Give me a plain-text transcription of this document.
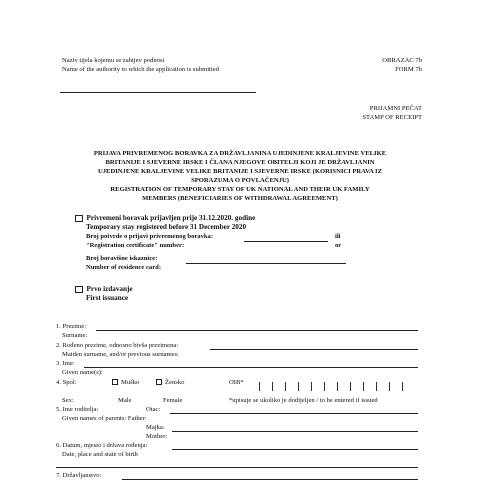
Naziv tijela kojemu se zahtjev podnosi
Name of the authority to which the application is submitted
OBRAZAC 7b
FORM 7b
PRIJAMNI PEČAT
STAMP OF RECEIPT
PRIJAVA PRIVREMENOG BORAVKA ZA DRŽAVLJANINA UJEDINJENE KRALJEVINE VELIKE
BRITANIJE I SJEVERNE IRSKE I ČLANA NJEGOVE OBITELJI KOJI JE DRŽAVLJANIN
UJEDINJENE KRALJEVINE VELIKE BRITANIJE I SJEVERNE IRSKE (KORISNICI PRAVA IZ
SPORAZUMA O POVLAČENJU)
REGISTRATION OF TEMPORARY STAY OF UK NATIONAL AND THEIR UK FAMILY
MEMBERS (BENEFICIARIES OF WITHDRAWAL AGREEMENT)
Privremeni boravak prijavljen prije 31.12.2020. godine
Temporary stay registered before 31 December 2020
Broj potvrde o prijavi privremenog boravka:	ili
"Registration certificate" number:	or
Broj boravišne iskaznice:
Number of residence card:
Prvo izdavanje
First issuance
1. Prezime:
Surname:
2. Rođeno prezime, odnosno bivša prezimena:
Maiden surname, and/or previous surnames:
3. Ime:
Given name(s):
4. Spol:	Muško	Žensko	OIB*
Sex:	Male	Female	*upisuje se ukoliko je dodijeljen / to be entered if issued
5. Ime roditelja:	Otac:
Given names of parents: Father:
Majka:
Mother:
6. Datum, mjesto i država rođenja:
Date, place and state of birth
7. Državljanstvo:
